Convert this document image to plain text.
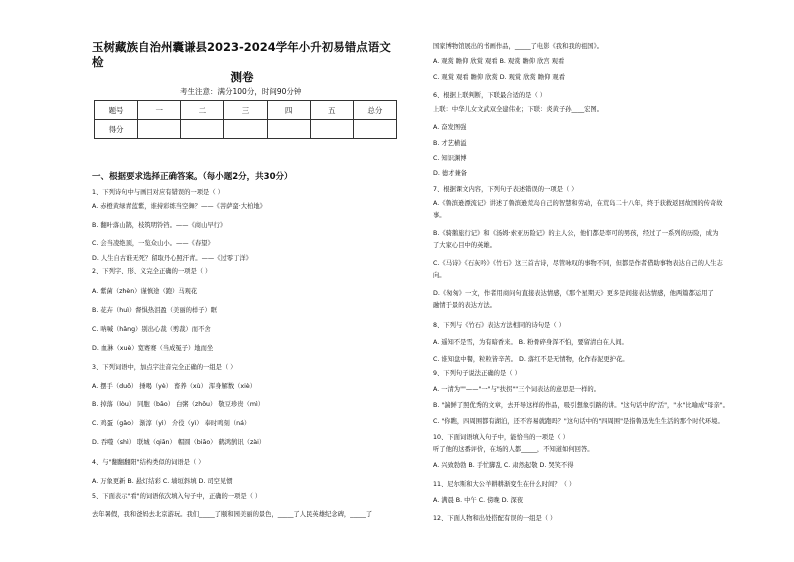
玉树藏族自治州囊谦县2023-2024学年小升初易错点语文检
测卷
考生注意：满分100分，时间90分钟
题号	一	二	三	四	五	总分
得分						
一、根据要求选择正确答案。（每小题2分，共30分）
1、下列诗句中与画目对应有错误的一项是（ ）
A. 赤橙黄绿青蓝紫，谁持彩练当空舞？——《菩萨蛮·大柏地》
B. 翻叶落山鹊，枝筑明铃铛。——《商山早行》
C. 会当凌绝顶，一览众山小。——《春望》
D. 人生自古谁无死？留取丹心照汗青。——《过零丁洋》
2、下列字、形、义完全正确的一项是（ ）
A. 紫菌（zhèn）谨慎途（跑）马观花
B. 花卉（huì）督惧热泪盈（美丽的样子）眶
C. 呐喊（hǎng）别出心裁（剪裁）而不舍
D. 血淋（xuè）宽赛赛（当成冤子）地而坐
3、下列词语中，加点字注音完全正确的一组是（ ）
A. 摆手（duō） 捶喝（yè） 畜养（xù） 浑身解数（xiè）
B. 掉落（lòu） 同胞（bāo） 白粥（zhōu） 敬豆珍贵（mì）
C. 鸡蛋（gǎo） 渐淳（yì） 介役（yì） 奉时鸣刻（ná）
D. 吞噬（shì） 联城（qiān） 帽圆（biāo） 鹤鸿鹄讯（zài）
4、与"翻翻翻阳"结构类似的词语是（ ）
A. 万象更新 B. 悬灯结彩 C. 墙垣斜填 D. 司空见惯
5、下面表示"看"的词语依次填入句子中，正确的一项是（ ）
去年暑假，我和爸妈去北京游玩。我们_____了颐和园美丽的景色，_____了人民英雄纪念碑，_____了
国家博物馆展出的书画作品，_____了电影《我和我的祖国》。
A. 观赏 瞻仰 欣赏 观看 B. 观赏 瞻仰 欣宫 观看
C. 观赏 观看 瞻仰 欣赏 D. 观赏 欣赏 瞻仰 观看
6、根据上联判断，下联最合适的是（ ）
上联：中华儿女文武双全建伟业；下联：炎黄子孙____宏图。
A. 奋发图强
B. 才艺横溢
C. 知识渊博
D. 德才兼备
7、根据课文内容，下列句子表述错误的一项是（ ）
A.《鲁滨逊漂流记》讲述了鲁滨逊荒岛自己的智慧和劳动，在荒岛二十八年，终于获救返回故国的传奇故
事。
B.《骑鹅旅行记》和《汤姆·索亚历险记》的主人公，他们都是率可的男孩，经过了一系列的历险，成为
了大家心目中的英雄。
C.《马诗》《石灰吟》《竹石》这三首古诗，尽管咏叹的事物不同，但都是作者借助事物表达自己的人生志
向。
D.《匆匆》一文，作者用商问句直接表达情感，《那个星期天》更多是间接表达情感，他两篇都运用了
融情于景的表达方法。
8、下列与《竹石》表达方法相同的诗句是（ ）
A. 遥知不是雪，为有暗香来。 B. 粉骨碎身浑不怕，要留清白在人间。
C. 谁知盘中餐，粒粒皆辛苦。 D. 落红不是无情物，化作春泥更护花。
9、下列句子说法正确的是（ ）
A. 一清为""——"一"与"扶拐""三个词表达的意思是一样的。
B. "湍鲜了照优秀的文章，去开导这样的作品，吸引想象引路的讲。"这句话中的"活"，"水"比喻成"母亲"。
C. "你瞧，四周围都有湖泊，还不容易就跑吗？"这句话中的"四周围"是指鲁迅先生生活的那个时代环境。
10、下面词语填入句子中，能恰当的一项是（ ）
听了他的这番评价，在场的人都_____，不知道如何回答。
A. 兴致勃勃 B. 手忙脚乱 C. 肃然起敬 D. 哭笑不得
11、尼尔斯和大公羊耕耕渐变生在什么时间？（ ）
A. 满晨 B. 中午 C. 傍晚 D. 深夜
12、下面人物和出处搭配有误的一组是（ ）
